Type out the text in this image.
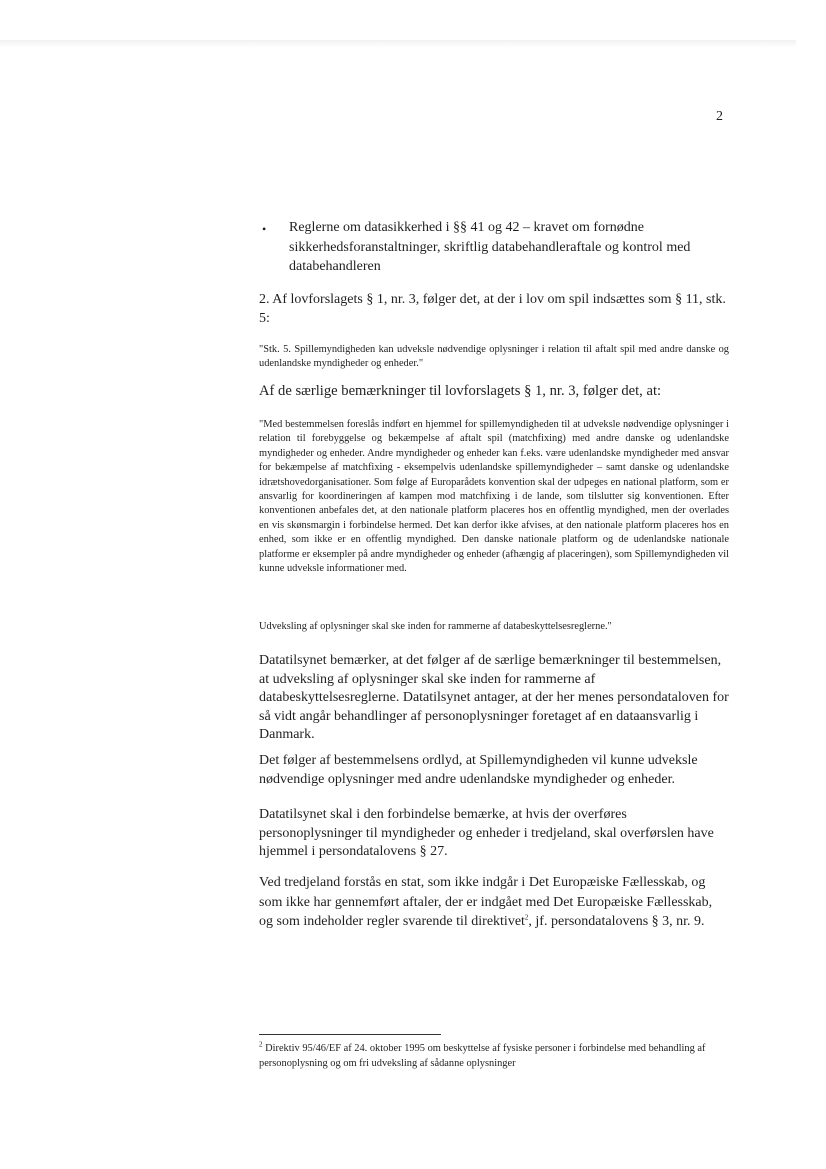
2
• Reglerne om datasikkerhed i §§ 41 og 42 – kravet om fornødne sikkerhedsforanstaltninger, skriftlig databehandleraftale og kontrol med databehandleren

2. Af lovforslagets § 1, nr. 3, følger det, at der i lov om spil indsættes som § 11, stk. 5:

"Stk. 5. Spillemyndigheden kan udveksle nødvendige oplysninger i relation til aftalt spil med andre danske og udenlandske myndigheder og enheder."

Af de særlige bemærkninger til lovforslagets § 1, nr. 3, følger det, at:

"Med bestemmelsen foreslås indført en hjemmel for spillemyndigheden til at udveksle nødvendige oplysninger i relation til forebyggelse og bekæmpelse af aftalt spil (matchfixing) med andre danske og udenlandske myndigheder og enheder. Andre myndigheder og enheder kan f.eks. være udenlandske myndigheder med ansvar for bekæmpelse af matchfixing - eksempelvis udenlandske spillemyndigheder – samt danske og udenlandske idrætshovedorganisationer. Som følge af Europarådets konvention skal der udpeges en national platform, som er ansvarlig for koordineringen af kampen mod matchfixing i de lande, som tilslutter sig konventionen. Efter konventionen anbefales det, at den nationale platform placeres hos en offentlig myndighed, men der overlades en vis skønsmargin i forbindelse hermed. Det kan derfor ikke afvises, at den nationale platform placeres hos en enhed, som ikke er en offentlig myndighed. Den danske nationale platform og de udenlandske nationale platforme er eksempler på andre myndigheder og enheder (afhængig af placeringen), som Spillemyndigheden vil kunne udveksle informationer med.

Udveksling af oplysninger skal ske inden for rammerne af databeskyttelsesreglerne."

Datatilsynet bemærker, at det følger af de særlige bemærkninger til bestemmelsen, at udveksling af oplysninger skal ske inden for rammerne af databeskyttelsesreglerne. Datatilsynet antager, at der her menes persondataloven for så vidt angår behandlinger af personoplysninger foretaget af en dataansvarlig i Danmark.

Det følger af bestemmelsens ordlyd, at Spillemyndigheden vil kunne udveksle nødvendige oplysninger med andre udenlandske myndigheder og enheder.

Datatilsynet skal i den forbindelse bemærke, at hvis der overføres personoplysninger til myndigheder og enheder i tredjeland, skal overførslen have hjemmel i persondatalovens § 27.

Ved tredjeland forstås en stat, som ikke indgår i Det Europæiske Fællesskab, og som ikke har gennemført aftaler, der er indgået med Det Europæiske Fællesskab, og som indeholder regler svarende til direktivet$^2$, jf. persondatalovens § 3, nr. 9.

$^2$ Direktiv 95/46/EF af 24. oktober 1995 om beskyttelse af fysiske personer i forbindelse med behandling af personoplysning og om fri udveksling af sådanne oplysninger
